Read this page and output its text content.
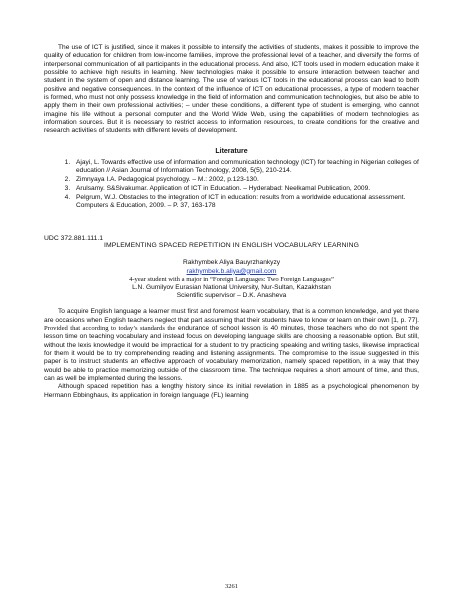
The use of ICT is justified, since it makes it possible to intensify the activities of students, makes it possible to improve the quality of education for children from low-income families, improve the professional level of a teacher, and diversify the forms of interpersonal communication of all participants in the educational process. And also, ICT tools used in modern education make it possible to achieve high results in learning. New technologies make it possible to ensure interaction between teacher and student in the system of open and distance learning. The use of various ICT tools in the educational process can lead to both positive and negative consequences. In the context of the influence of ICT on educational processes, a type of modern teacher is formed, who must not only possess knowledge in the field of information and communication technologies, but also be able to apply them in their own professional activities; – under these conditions, a different type of student is emerging, who cannot imagine his life without a personal computer and the World Wide Web, using the capabilities of modern technologies as information sources. But it is necessary to restrict access to information resources, to create conditions for the creative and research activities of students with different levels of development.

Literature
1. Ajayi, L. Towards effective use of information and communication technology (ICT) for teaching in Nigerian colleges of education // Asian Journal of Information Technology, 2008, 5(5), 210-214.
2. Zimnyaya I.A. Pedagogical psychology. – M.: 2002, p.123-130.
3. Arulsamy. S&Sivakumar. Application of ICT in Education. – Hyderabad: Neelkamal Publication, 2009.
4. Pelgrum, W.J. Obstacles to the integration of ICT in education: results from a worldwide educational assessment. Computers & Education, 2009. – P. 37, 163-178
UDC 372.881.111.1
IMPLEMENTING SPACED REPETITION IN ENGLISH VOCABULARY LEARNING
Rakhymbek Aliya Bauyrzhankyzy
rakhymbek.b.aliya@gmail.com
4-year student with a major in “Foreign Languages: Two Foreign Languages”
L.N. Gumilyov Eurasian National University, Nur-Sultan, Kazakhstan
Scientific supervisor – D.K. Anasheva

To acquire English language a learner must first and foremost learn vocabulary, that is a common knowledge, and yet there are occasions when English teachers neglect that part assuming that their students have to know or learn on their own [1, p. 77]. Provided that according to today’s standards the endurance of school lesson is 40 minutes, those teachers who do not spent the lesson time on teaching vocabulary and instead focus on developing language skills are choosing a reasonable option. But still, without the lexis knowledge it would be impractical for a student to try practicing speaking and writing tasks, likewise impractical for them it would be to try comprehending reading and listening assignments. The compromise to the issue suggested in this paper is to instruct students an effective approach of vocabulary memorization, namely spaced repetition, in a way that they would be able to practice memorizing outside of the classroom time. The technique requires a short amount of time, and thus, can as well be implemented during the lessons.

Although spaced repetition has a lengthy history since its initial revelation in 1885 as a psychological phenomenon by Hermann Ebbinghaus, its application in foreign language (FL) learning

3261
